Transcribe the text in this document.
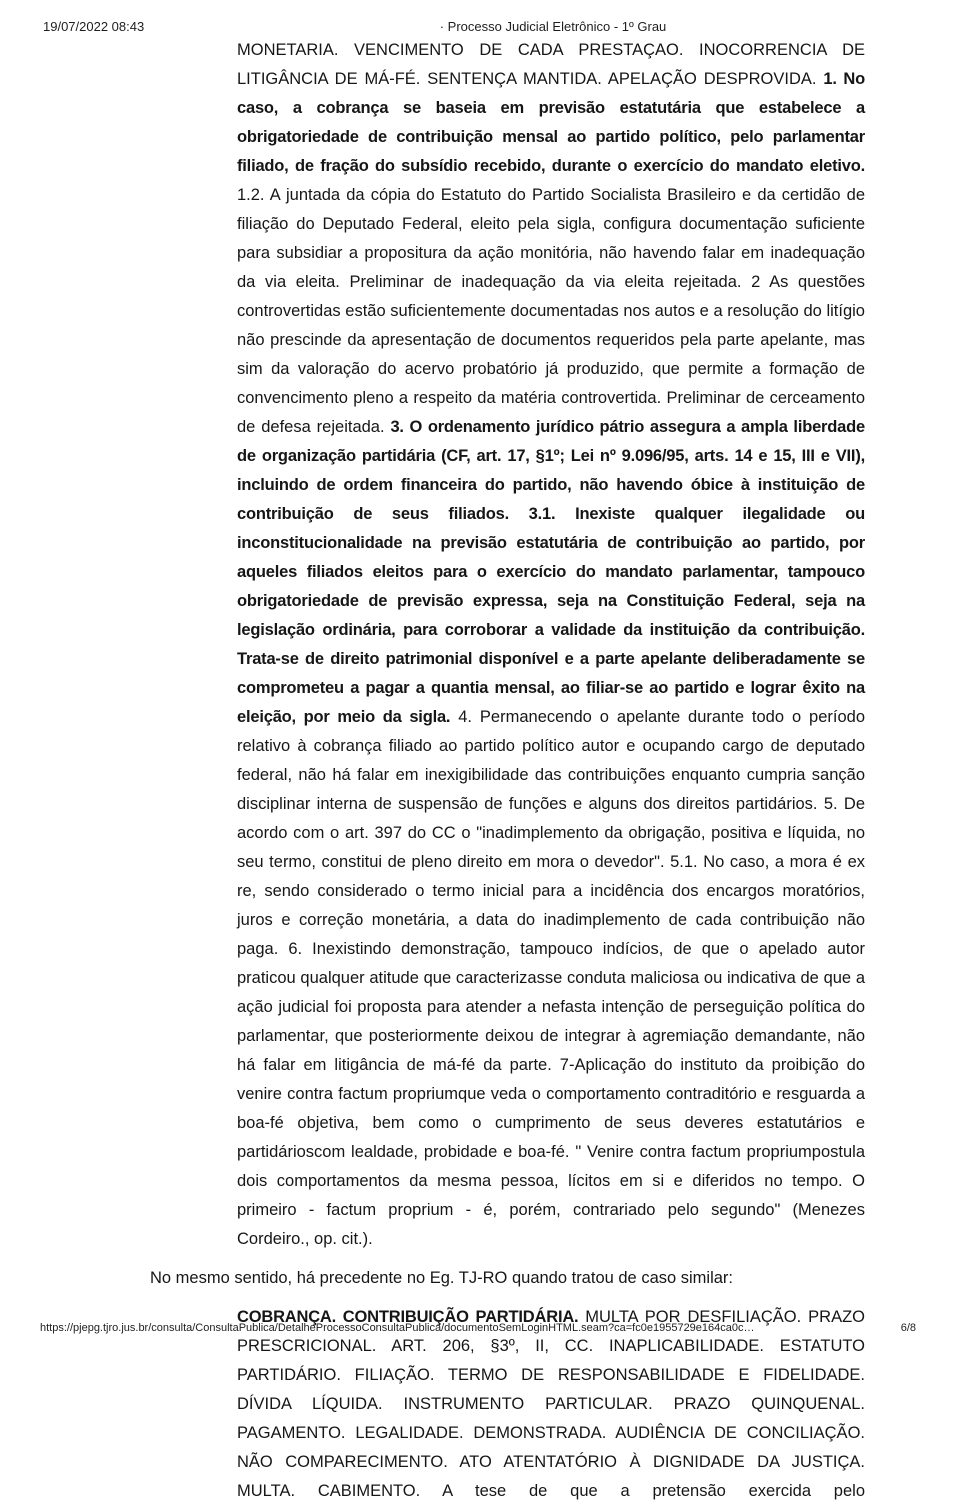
19/07/2022 08:43	· Processo Judicial Eletrônico - 1º Grau

MONETARIA. VENCIMENTO DE CADA PRESTAÇAO. INOCORRENCIA DE LITIGÂNCIA DE MÁ-FÉ. SENTENÇA MANTIDA. APELAÇÃO DESPROVIDA. 1. No caso, a cobrança se baseia em previsão estatutária que estabelece a obrigatoriedade de contribuição mensal ao partido político, pelo parlamentar filiado, de fração do subsídio recebido, durante o exercício do mandato eletivo. 1.2. A juntada da cópia do Estatuto do Partido Socialista Brasileiro e da certidão de filiação do Deputado Federal, eleito pela sigla, configura documentação suficiente para subsidiar a propositura da ação monitória, não havendo falar em inadequação da via eleita. Preliminar de inadequação da via eleita rejeitada. 2 As questões controvertidas estão suficientemente documentadas nos autos e a resolução do litígio não prescinde da apresentação de documentos requeridos pela parte apelante, mas sim da valoração do acervo probatório já produzido, que permite a formação de convencimento pleno a respeito da matéria controvertida. Preliminar de cerceamento de defesa rejeitada. 3. O ordenamento jurídico pátrio assegura a ampla liberdade de organização partidária (CF, art. 17, §1º; Lei nº 9.096/95, arts. 14 e 15, III e VII), incluindo de ordem financeira do partido, não havendo óbice à instituição de contribuição de seus filiados. 3.1. Inexiste qualquer ilegalidade ou inconstitucionalidade na previsão estatutária de contribuição ao partido, por aqueles filiados eleitos para o exercício do mandato parlamentar, tampouco obrigatoriedade de previsão expressa, seja na Constituição Federal, seja na legislação ordinária, para corroborar a validade da instituição da contribuição. Trata-se de direito patrimonial disponível e a parte apelante deliberadamente se comprometeu a pagar a quantia mensal, ao filiar-se ao partido e lograr êxito na eleição, por meio da sigla. 4. Permanecendo o apelante durante todo o período relativo à cobrança filiado ao partido político autor e ocupando cargo de deputado federal, não há falar em inexigibilidade das contribuições enquanto cumpria sanção disciplinar interna de suspensão de funções e alguns dos direitos partidários. 5. De acordo com o art. 397 do CC o "inadimplemento da obrigação, positiva e líquida, no seu termo, constitui de pleno direito em mora o devedor". 5.1. No caso, a mora é ex re, sendo considerado o termo inicial para a incidência dos encargos moratórios, juros e correção monetária, a data do inadimplemento de cada contribuição não paga. 6. Inexistindo demonstração, tampouco indícios, de que o apelado autor praticou qualquer atitude que caracterizasse conduta maliciosa ou indicativa de que a ação judicial foi proposta para atender a nefasta intenção de perseguição política do parlamentar, que posteriormente deixou de integrar à agremiação demandante, não há falar em litigância de má-fé da parte. 7-Aplicação do instituto da proibição do venire contra factum propriumque veda o comportamento contraditório e resguarda a boa-fé objetiva, bem como o cumprimento de seus deveres estatutários e partidárioscom lealdade, probidade e boa-fé. " Venire contra factum propriumpostula dois comportamentos da mesma pessoa, lícitos em si e diferidos no tempo. O primeiro - factum proprium - é, porém, contrariado pelo segundo" (Menezes Cordeiro., op. cit.).

No mesmo sentido, há precedente no Eg. TJ-RO quando tratou de caso similar:

COBRANÇA. CONTRIBUIÇÃO PARTIDÁRIA. MULTA POR DESFILIAÇÃO. PRAZO PRESCRICIONAL. ART. 206, §3º, II, CC. INAPLICABILIDADE. ESTATUTO PARTIDÁRIO. FILIAÇÃO. TERMO DE RESPONSABILIDADE E FIDELIDADE. DÍVIDA LÍQUIDA. INSTRUMENTO PARTICULAR. PRAZO QUINQUENAL. PAGAMENTO. LEGALIDADE. DEMONSTRADA. AUDIÊNCIA DE CONCILIAÇÃO. NÃO COMPARECIMENTO. ATO ATENTATÓRIO À DIGNIDADE DA JUSTIÇA. MULTA. CABIMENTO. A tese de que a pretensão exercida pelo

https://pjepg.tjro.jus.br/consulta/ConsultaPublica/DetalheProcessoConsultaPublica/documentoSemLoginHTML.seam?ca=fc0e1955729e164ca0c…	6/8
